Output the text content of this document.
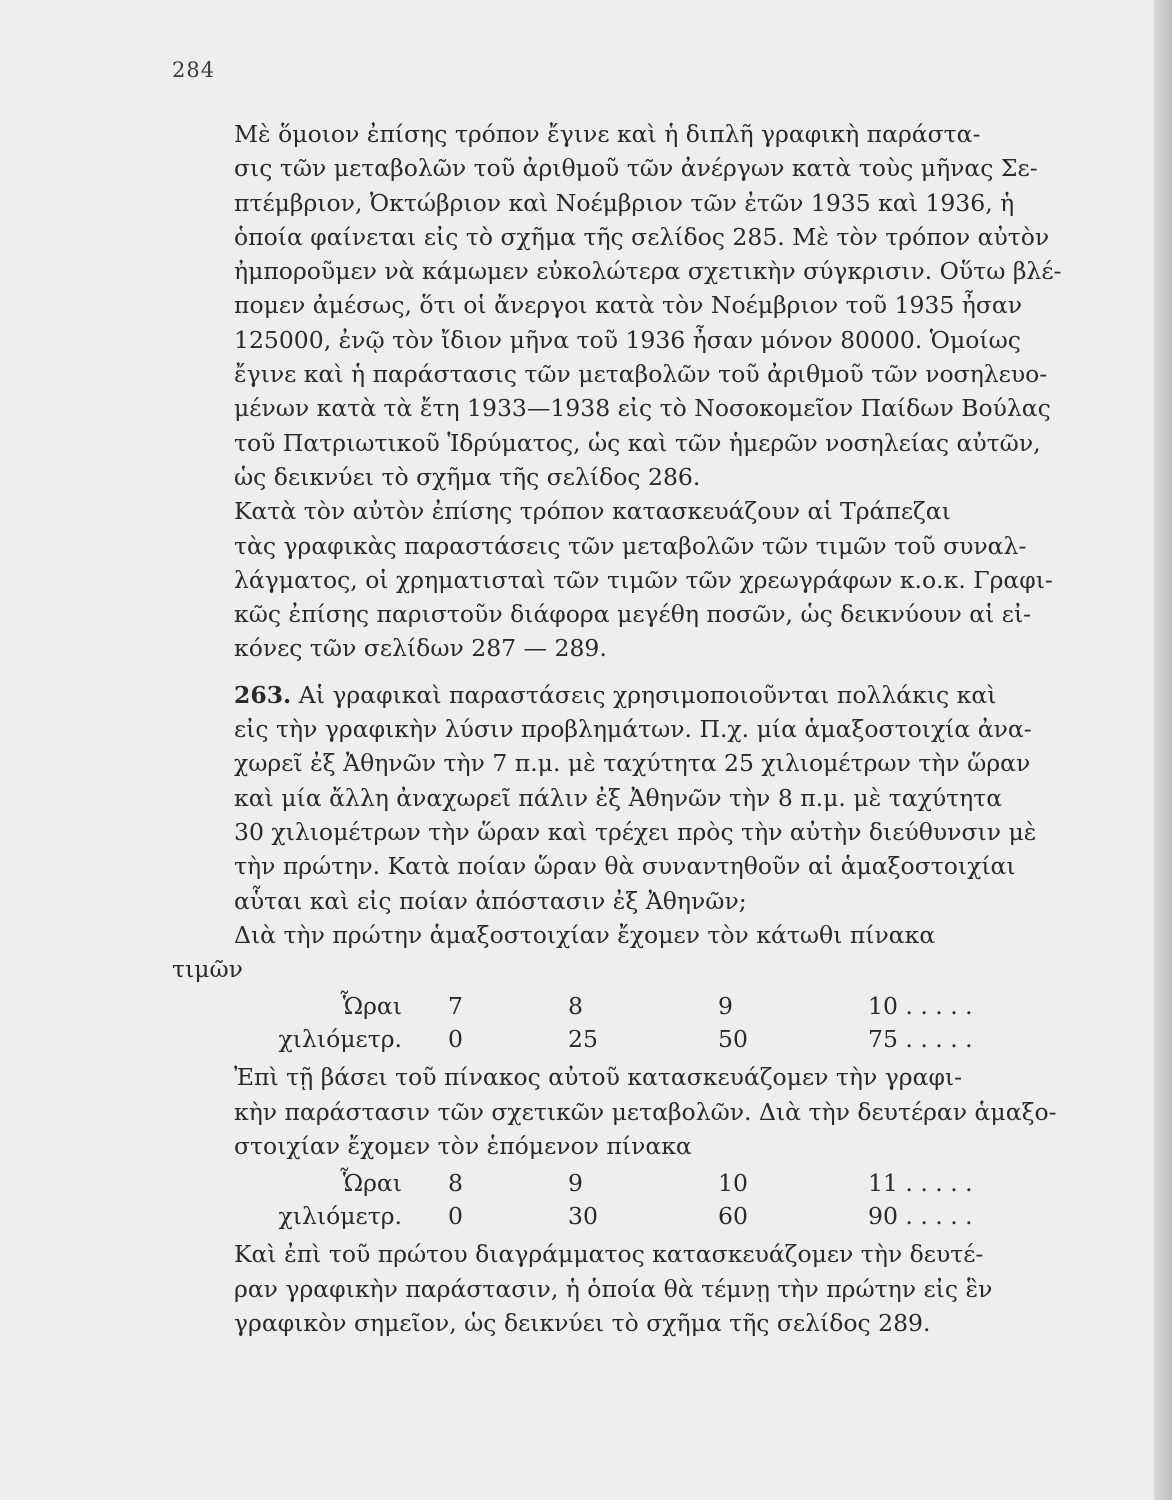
284

Μὲ ὅμοιον ἐπίσης τρόπον ἔγινε καὶ ἡ διπλῆ γραφικὴ παράστα-
σις τῶν μεταβολῶν τοῦ ἀριθμοῦ τῶν ἀνέργων κατὰ τοὺς μῆνας Σε-
πτέμβριον, Ὀκτώβριον καὶ Νοέμβριον τῶν ἐτῶν 1935 καὶ 1936, ἡ
ὁποία φαίνεται εἰς τὸ σχῆμα τῆς σελίδος 285. Μὲ τὸν τρόπον αὐτὸν
ἠμποροῦμεν νὰ κάμωμεν εὐκολώτερα σχετικὴν σύγκρισιν. Οὕτω βλέ-
πομεν ἀμέσως, ὅτι οἱ ἄνεργοι κατὰ τὸν Νοέμβριον τοῦ 1935 ἦσαν
125000, ἐνῷ τὸν ἴδιον μῆνα τοῦ 1936 ἦσαν μόνον 80000. Ὁμοίως
ἔγινε καὶ ἡ παράστασις τῶν μεταβολῶν τοῦ ἀριθμοῦ τῶν νοσηλευο-
μένων κατὰ τὰ ἔτη 1933—1938 εἰς τὸ Νοσοκομεῖον Παίδων Βούλας
τοῦ Πατριωτικοῦ Ἱδρύματος, ὡς καὶ τῶν ἡμερῶν νοσηλείας αὐτῶν,
ὡς δεικνύει τὸ σχῆμα τῆς σελίδος 286.

Κατὰ τὸν αὐτὸν ἐπίσης τρόπον κατασκευάζουν αἱ Τράπεζαι
τὰς γραφικὰς παραστάσεις τῶν μεταβολῶν τῶν τιμῶν τοῦ συναλ-
λάγματος, οἱ χρηματισταὶ τῶν τιμῶν τῶν χρεωγράφων κ.ο.κ. Γραφι-
κῶς ἐπίσης παριστοῦν διάφορα μεγέθη ποσῶν, ὡς δεικνύουν αἱ εἰ-
κόνες τῶν σελίδων 287 — 289.

263. Αἱ γραφικαὶ παραστάσεις χρησιμοποιοῦνται πολλάκις καὶ
εἰς τὴν γραφικὴν λύσιν προβλημάτων. Π.χ. μία ἁμαξοστοιχία ἀνα-
χωρεῖ ἐξ Ἀθηνῶν τὴν 7 π.μ. μὲ ταχύτητα 25 χιλιομέτρων τὴν ὥραν
καὶ μία ἄλλη ἀναχωρεῖ πάλιν ἐξ Ἀθηνῶν τὴν 8 π.μ. μὲ ταχύτητα
30 χιλιομέτρων τὴν ὥραν καὶ τρέχει πρὸς τὴν αὐτὴν διεύθυνσιν μὲ
τὴν πρώτην. Κατὰ ποίαν ὥραν θὰ συναντηθοῦν αἱ ἁμαξοστοιχίαι
αὗται καὶ εἰς ποίαν ἀπόστασιν ἐξ Ἀθηνῶν;

Διὰ τὴν πρώτην ἁμαξοστοιχίαν ἔχομεν τὸν κάτωθι πίνακα
τιμῶν

Ὧραι	7	8	9	10 . . . . .
χιλιόμετρ.	0	25	50	75 . . . . .

Ἐπὶ τῇ βάσει τοῦ πίνακος αὐτοῦ κατασκευάζομεν τὴν γραφι-
κὴν παράστασιν τῶν σχετικῶν μεταβολῶν. Διὰ τὴν δευτέραν ἁμαξο-
στοιχίαν ἔχομεν τὸν ἑπόμενον πίνακα

Ὧραι	8	9	10	11 . . . . .
χιλιόμετρ.	0	30	60	90 . . . . .

Καὶ ἐπὶ τοῦ πρώτου διαγράμματος κατασκευάζομεν τὴν δευτέ-
ραν γραφικὴν παράστασιν, ἡ ὁποία θὰ τέμνῃ τὴν πρώτην εἰς ἓν
γραφικὸν σημεῖον, ὡς δεικνύει τὸ σχῆμα τῆς σελίδος 289.
